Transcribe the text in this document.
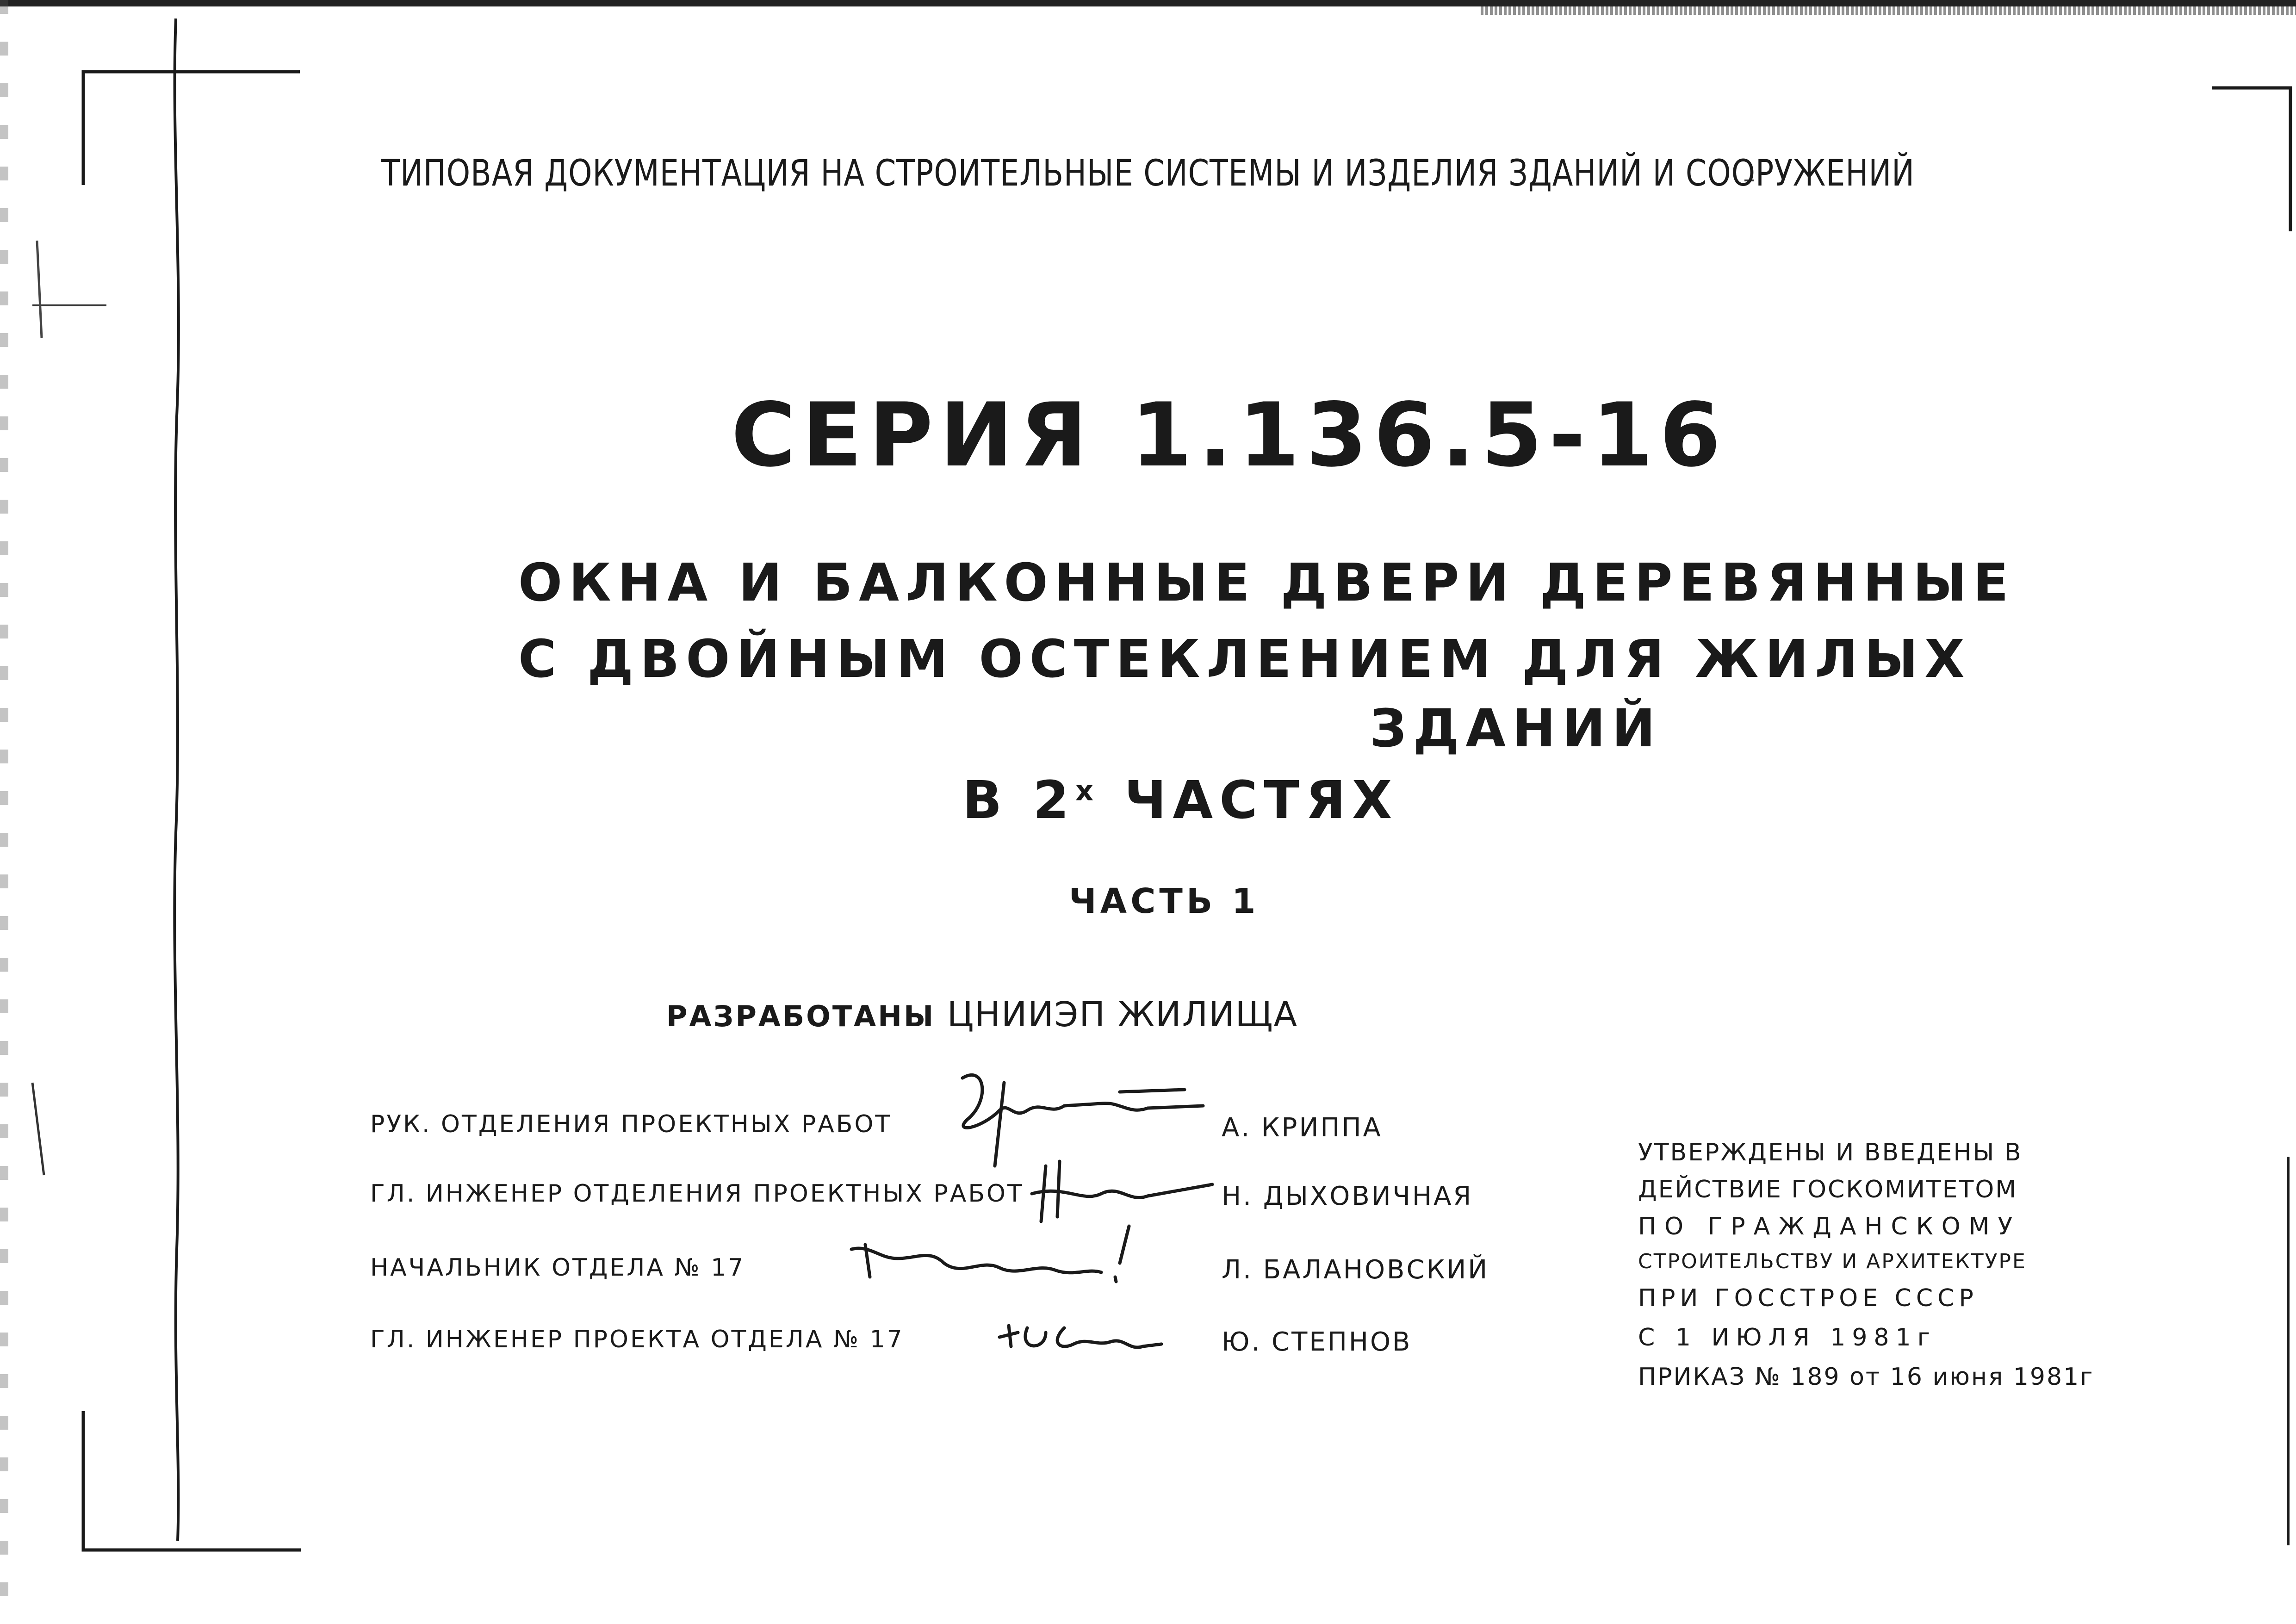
ТИПОВАЯ ДОКУМЕНТАЦИЯ НА СТРОИТЕЛЬНЫЕ СИСТЕМЫ И ИЗДЕЛИЯ ЗДАНИЙ И СООРУЖЕНИЙ
СЕРИЯ 1.136.5-16
ОКНА И БАЛКОННЫЕ ДВЕРИ ДЕРЕВЯННЫЕ
С ДВОЙНЫМ ОСТЕКЛЕНИЕМ ДЛЯ ЖИЛЫХ
ЗДАНИЙ
В $2^х$ ЧАСТЯХ
ЧАСТЬ 1
РАЗРАБОТАНЫ ЦНИИЭП ЖИЛИЩА
РУК. ОТДЕЛЕНИЯ ПРОЕКТНЫХ РАБОТ	А. КРИППА
ГЛ. ИНЖЕНЕР ОТДЕЛЕНИЯ ПРОЕКТНЫХ РАБОТ	Н. ДЫХОВИЧНАЯ
НАЧАЛЬНИК ОТДЕЛА № 17	Л. БАЛАНОВСКИЙ
ГЛ. ИНЖЕНЕР ПРОЕКТА ОТДЕЛА № 17	Ю. СТЕПНОВ
УТВЕРЖДЕНЫ И ВВЕДЕНЫ В
ДЕЙСТВИЕ ГОСКОМИТЕТОМ
ПО ГРАЖДАНСКОМУ
СТРОИТЕЛЬСТВУ И АРХИТЕКТУРЕ
ПРИ ГОССТРОЕ СССР
С 1 ИЮЛЯ 1981г
ПРИКАЗ № 189 от 16 июня 1981г
